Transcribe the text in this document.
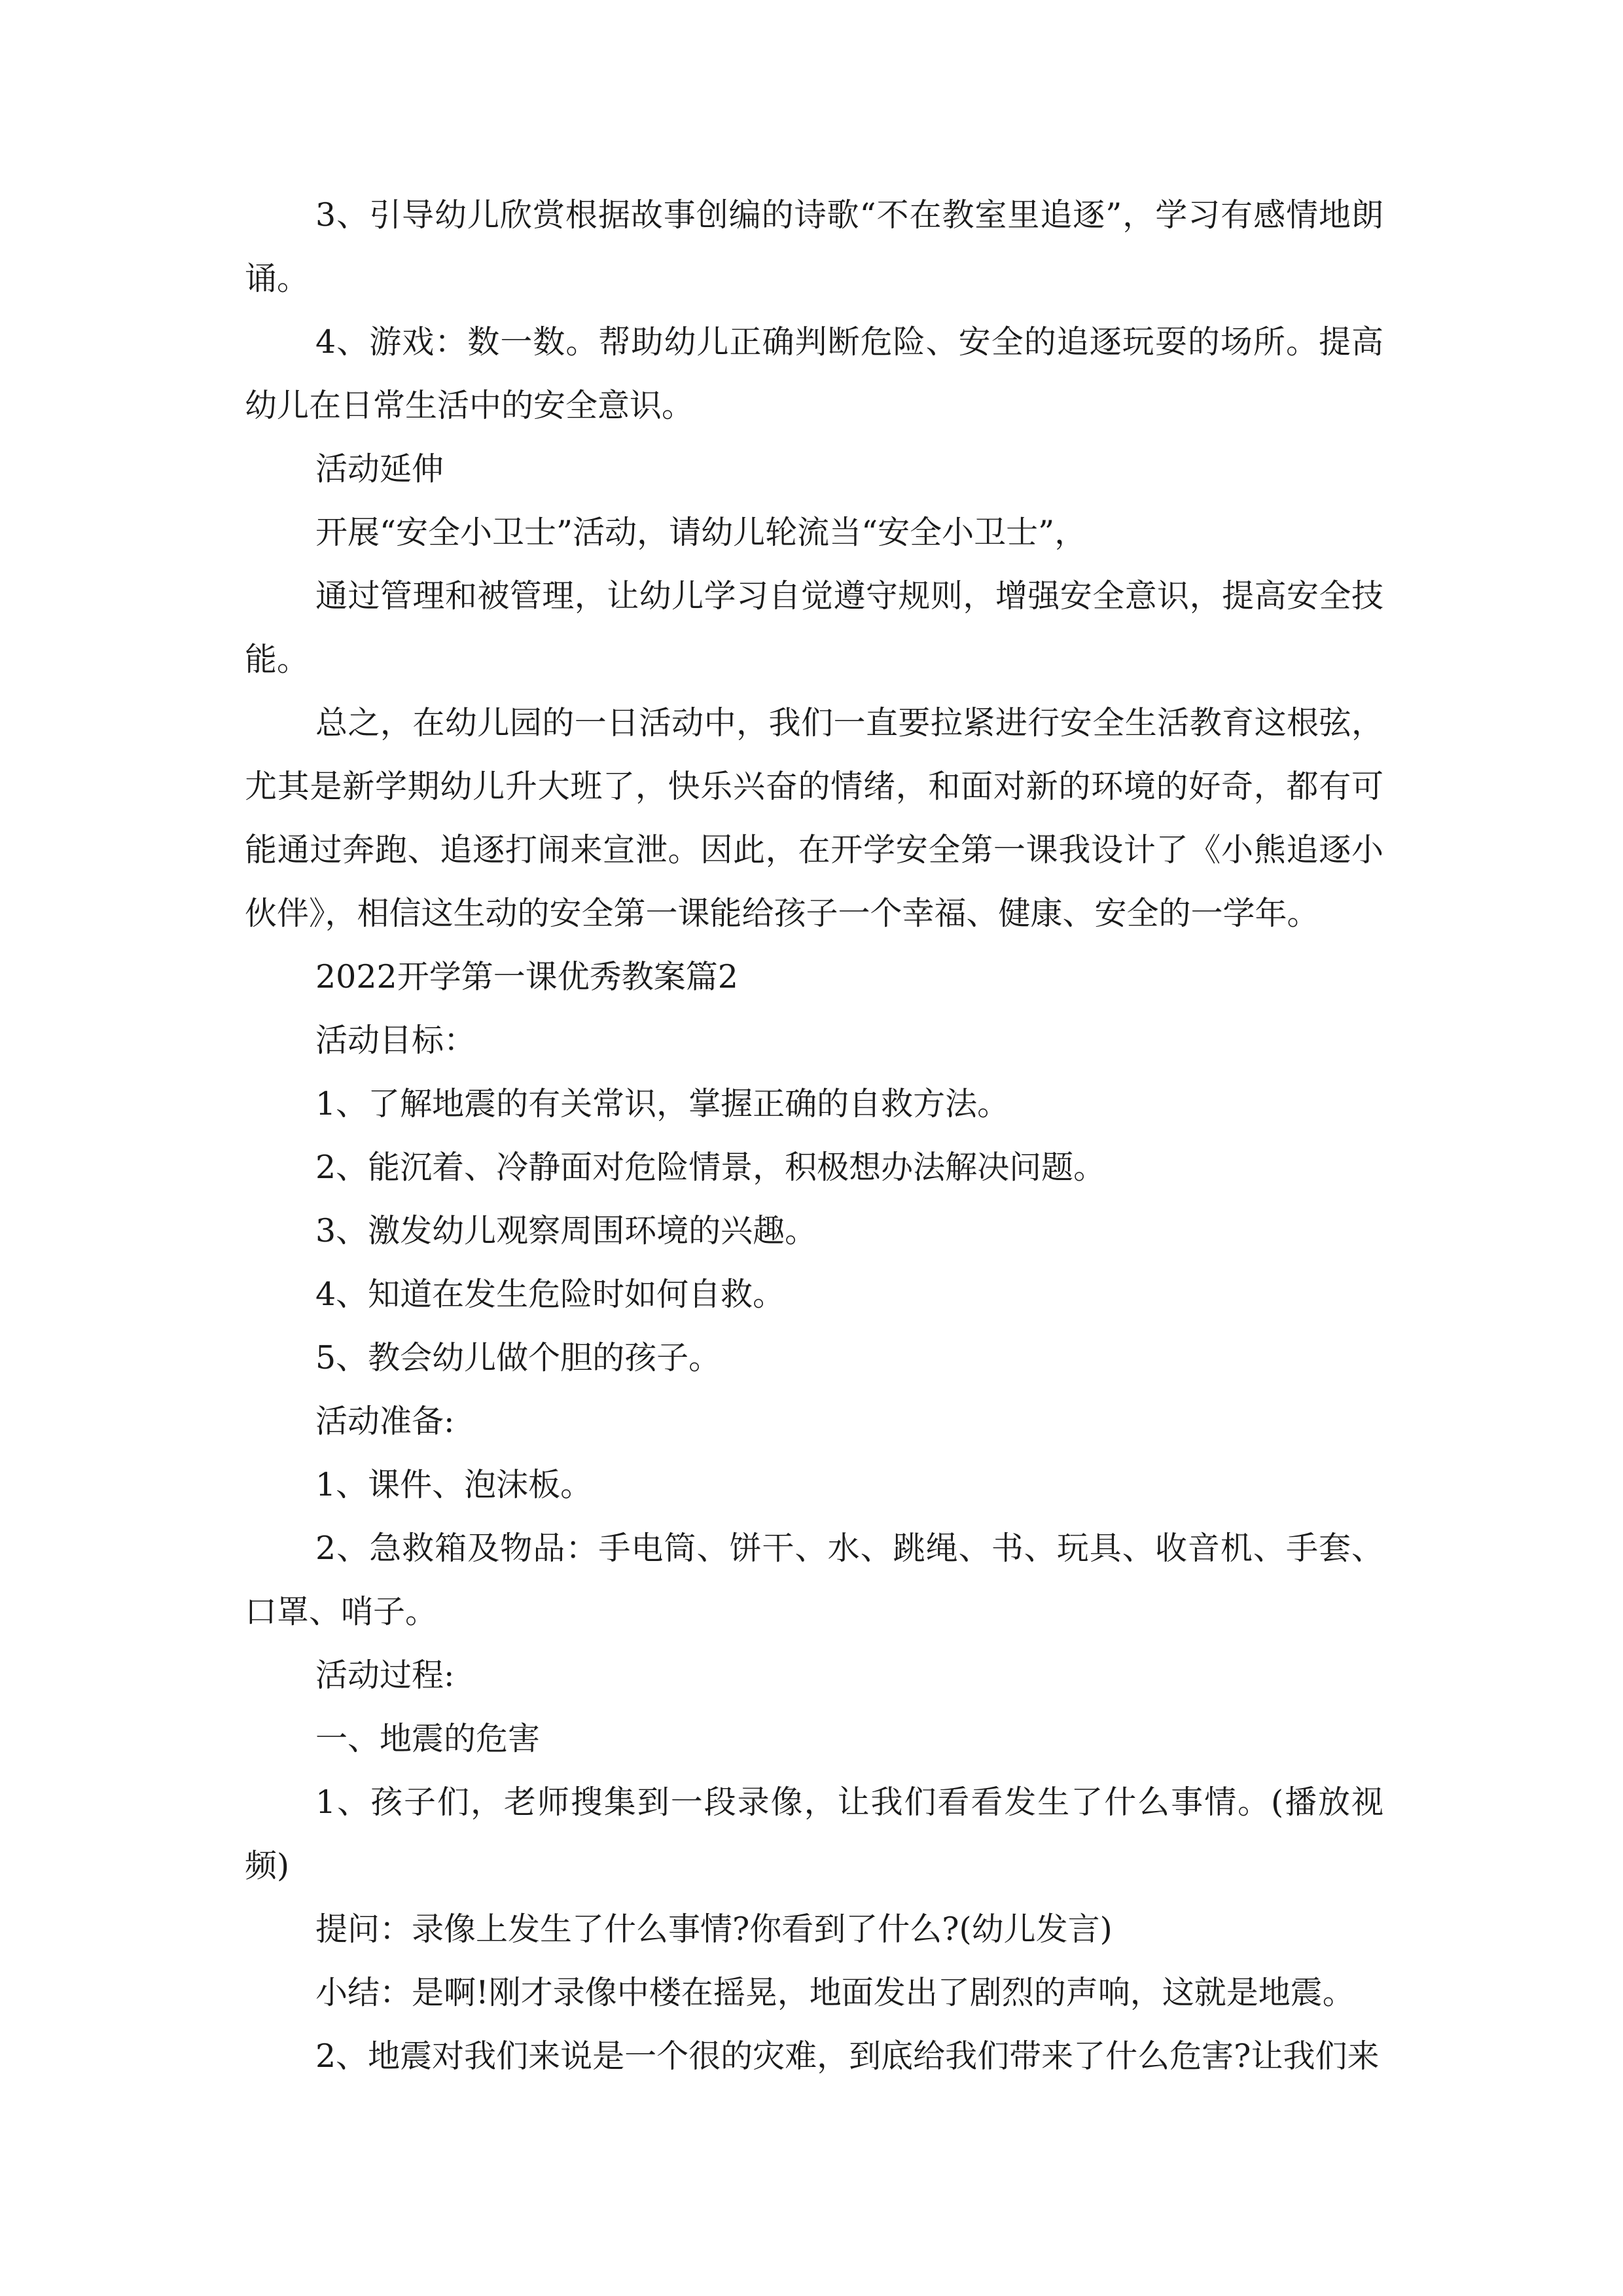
3、引导幼儿欣赏根据故事创编的诗歌“不在教室里追逐”，学习有感情地朗诵。

4、游戏：数一数。帮助幼儿正确判断危险、安全的追逐玩耍的场所。提高幼儿在日常生活中的安全意识。

活动延伸

开展“安全小卫士”活动，请幼儿轮流当“安全小卫士”，

通过管理和被管理，让幼儿学习自觉遵守规则，增强安全意识，提高安全技能。

总之，在幼儿园的一日活动中，我们一直要拉紧进行安全生活教育这根弦，尤其是新学期幼儿升大班了，快乐兴奋的情绪，和面对新的环境的好奇，都有可能通过奔跑、追逐打闹来宣泄。因此，在开学安全第一课我设计了《小熊追逐小伙伴》，相信这生动的安全第一课能给孩子一个幸福、健康、安全的一学年。

2022开学第一课优秀教案篇2

活动目标：

1、了解地震的有关常识，掌握正确的自救方法。

2、能沉着、冷静面对危险情景，积极想办法解决问题。

3、激发幼儿观察周围环境的兴趣。

4、知道在发生危险时如何自救。

5、教会幼儿做个胆的孩子。

活动准备:

1、课件、泡沫板。

2、急救箱及物品：手电筒、饼干、水、跳绳、书、玩具、收音机、手套、口罩、哨子。

活动过程:

一、地震的危害

1、孩子们，老师搜集到一段录像，让我们看看发生了什么事情。(播放视频)

提问：录像上发生了什么事情?你看到了什么?(幼儿发言)

小结：是啊!刚才录像中楼在摇晃，地面发出了剧烈的声响，这就是地震。

2、地震对我们来说是一个很的灾难，到底给我们带来了什么危害?让我们来
